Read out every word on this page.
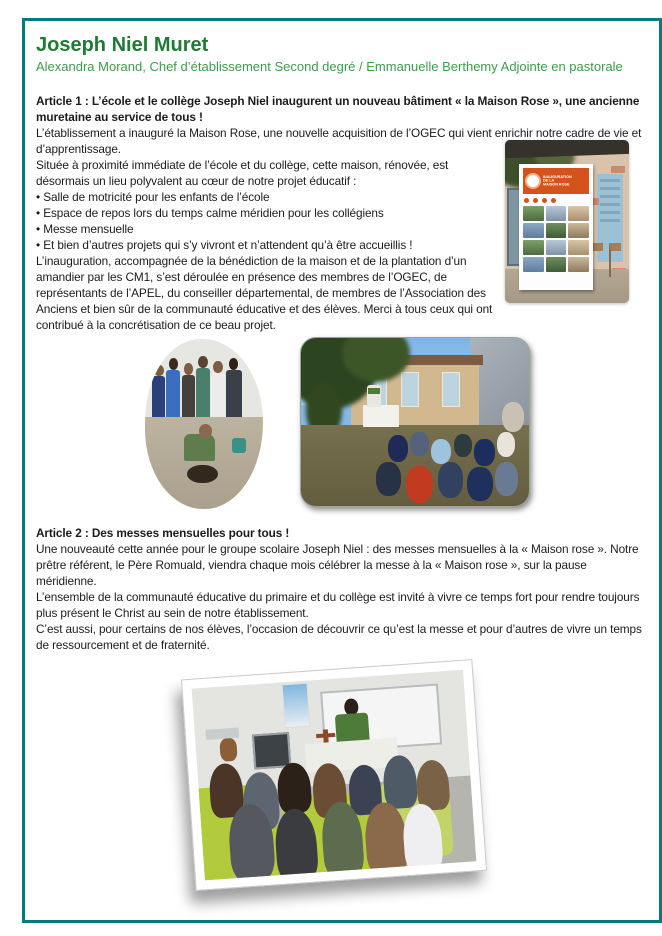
Joseph Niel Muret
Alexandra Morand, Chef d’établissement Second degré / Emmanuelle Berthemy Adjointe en pastorale
Article 1 : L’école et le collège Joseph Niel inaugurent un nouveau bâtiment « la Maison Rose », une ancienne muretaine au service de tous !

L’établissement a inauguré la Maison Rose, une nouvelle acquisition de l’OGEC qui vient enrichir notre cadre de vie et d’apprentissage.

Située à proximité immédiate de l’école et du collège, cette maison, rénovée, est désormais un lieu polyvalent au cœur de notre projet éducatif :

• Salle de motricité pour les enfants de l’école
• Espace de repos lors du temps calme méridien pour les collégiens
• Messe mensuelle
• Et bien d’autres projets qui s’y vivront et n’attendent qu’à être accueillis !

L’inauguration, accompagnée de la bénédiction de la maison et de la plantation d’un amandier par les CM1, s’est déroulée en présence des membres de l’OGEC, de représentants de l’APEL, du conseiller départemental, de membres de l’Association des Anciens et bien sûr de la communauté éducative et des élèves. Merci à tous ceux qui ont contribué à la concrétisation de ce beau projet.

INAUGURATION
DE LA
MAISON ROSE
Article 2 : Des messes mensuelles pour tous !

Une nouveauté cette année pour le groupe scolaire Joseph Niel : des messes mensuelles à la « Maison rose ». Notre prêtre référent, le Père Romuald, viendra chaque mois célébrer la messe à la « Maison rose », sur la pause méridienne.

L’ensemble de la communauté éducative du primaire et du collège est invité à vivre ce temps fort pour rendre toujours plus présent le Christ au sein de notre établissement.

C’est aussi, pour certains de nos élèves, l’occasion de découvrir ce qu’est la messe et pour d’autres de vivre un temps de ressourcement et de fraternité.
